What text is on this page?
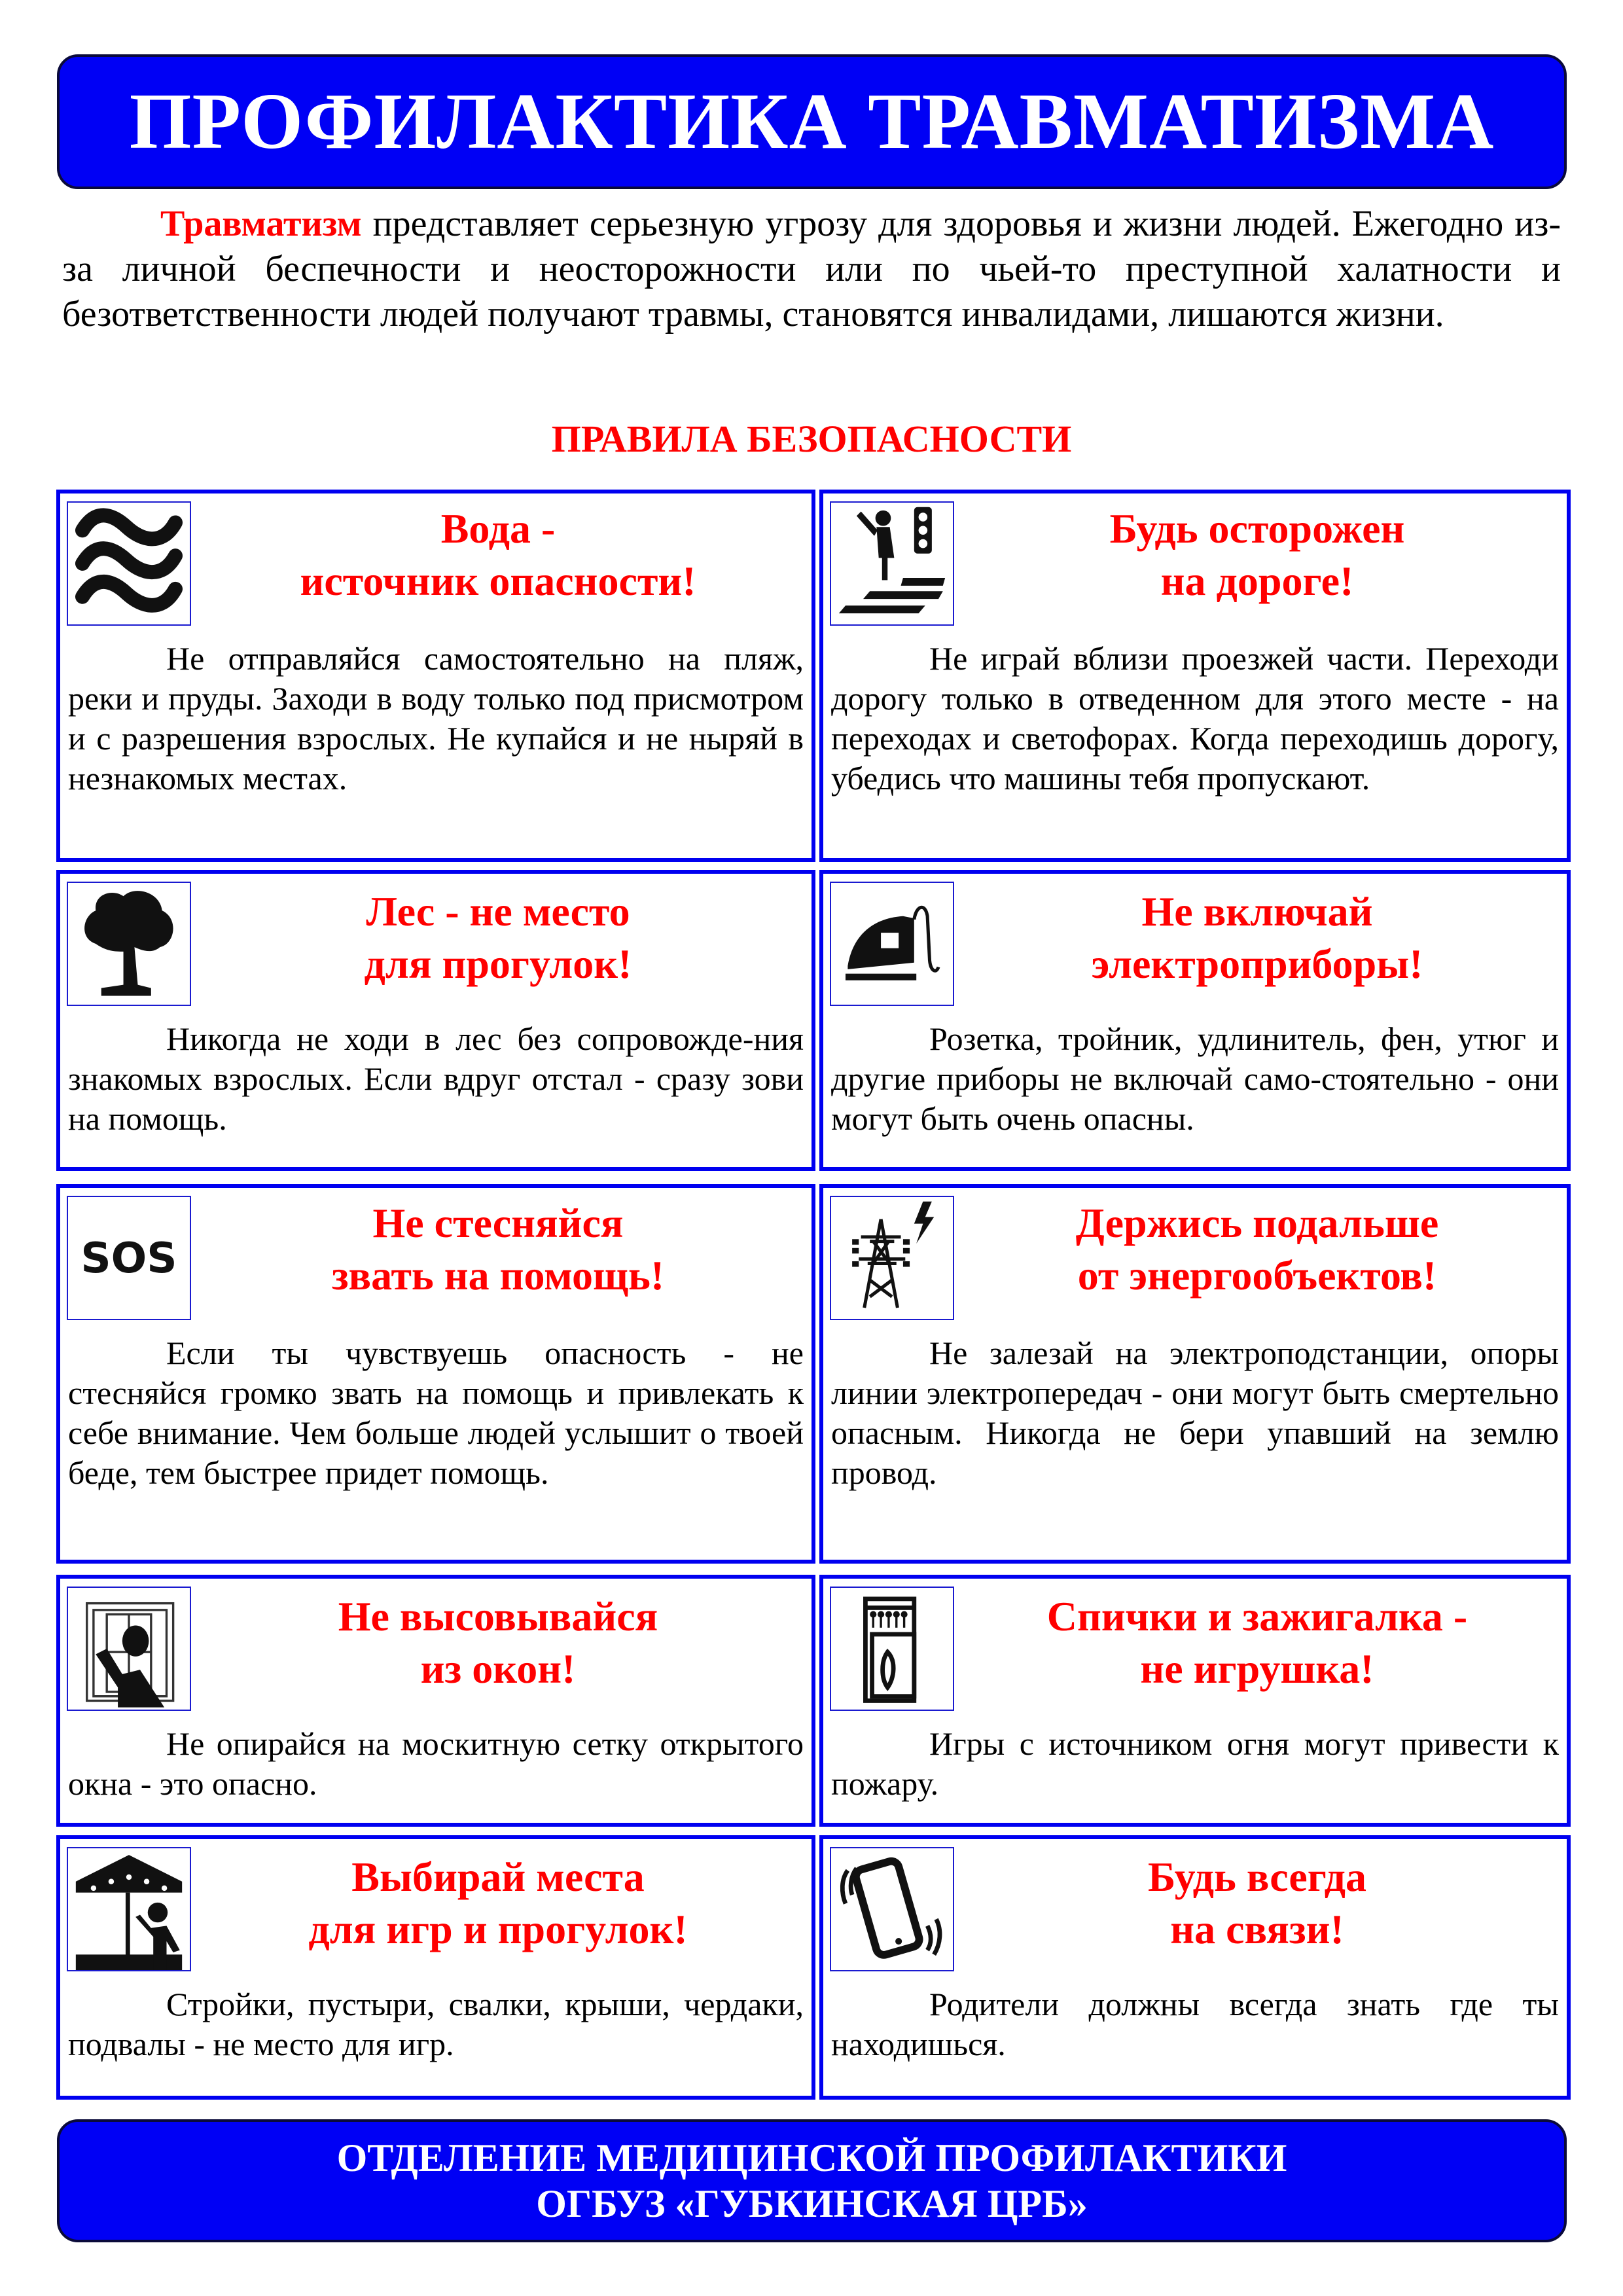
ПРОФИЛАКТИКА ТРАВМАТИЗМА
Травматизм представляет серьезную угрозу для здоровья и жизни людей. Ежегодно из-за личной беспечности и неосторожности или по чьей-то преступной халатности и безответственности людей получают травмы, становятся инвалидами, лишаются жизни.
ПРАВИЛА БЕЗОПАСНОСТИ
Вода -
источник опасности!
Не отправляйся самостоятельно на пляж, реки и пруды. Заходи в воду только под присмотром и с разрешения взрослых. Не купайся и не ныряй в незнакомых местах.
Будь осторожен
на дороге!
Не играй вблизи проезжей части. Переходи дорогу только в отведенном для этого месте - на переходах и светофорах. Когда переходишь дорогу, убедись что машины тебя пропускают.
Лес - не место
для прогулок!
Никогда не ходи в лес без сопровожде-ния знакомых взрослых. Если вдруг отстал - сразу зови на помощь.
Не включай
электроприборы!
Розетка, тройник, удлинитель, фен, утюг и другие приборы не включай само-стоятельно - они могут быть очень опасны.
SOS
Не стесняйся
звать на помощь!
Если ты чувствуешь опасность - не стесняйся громко звать на помощь и привлекать к себе внимание. Чем больше людей услышит о твоей беде, тем быстрее придет помощь.
Держись подальше
от энергообъектов!
Не залезай на электроподстанции, опоры линии электропередач - они могут быть смертельно опасным. Никогда не бери упавший на землю провод.
Не высовывайся
из окон!
Не опирайся на москитную сетку открытого окна - это опасно.
Спички и зажигалка -
не игрушка!
Игры с источником огня могут привести к пожару.
Выбирай места
для игр и прогулок!
Стройки, пустыри, свалки, крыши, чердаки, подвалы - не место для игр.
Будь всегда
на связи!
Родители должны всегда знать где ты находишься.
ОТДЕЛЕНИЕ МЕДИЦИНСКОЙ ПРОФИЛАКТИКИ
ОГБУЗ «ГУБКИНСКАЯ ЦРБ»
